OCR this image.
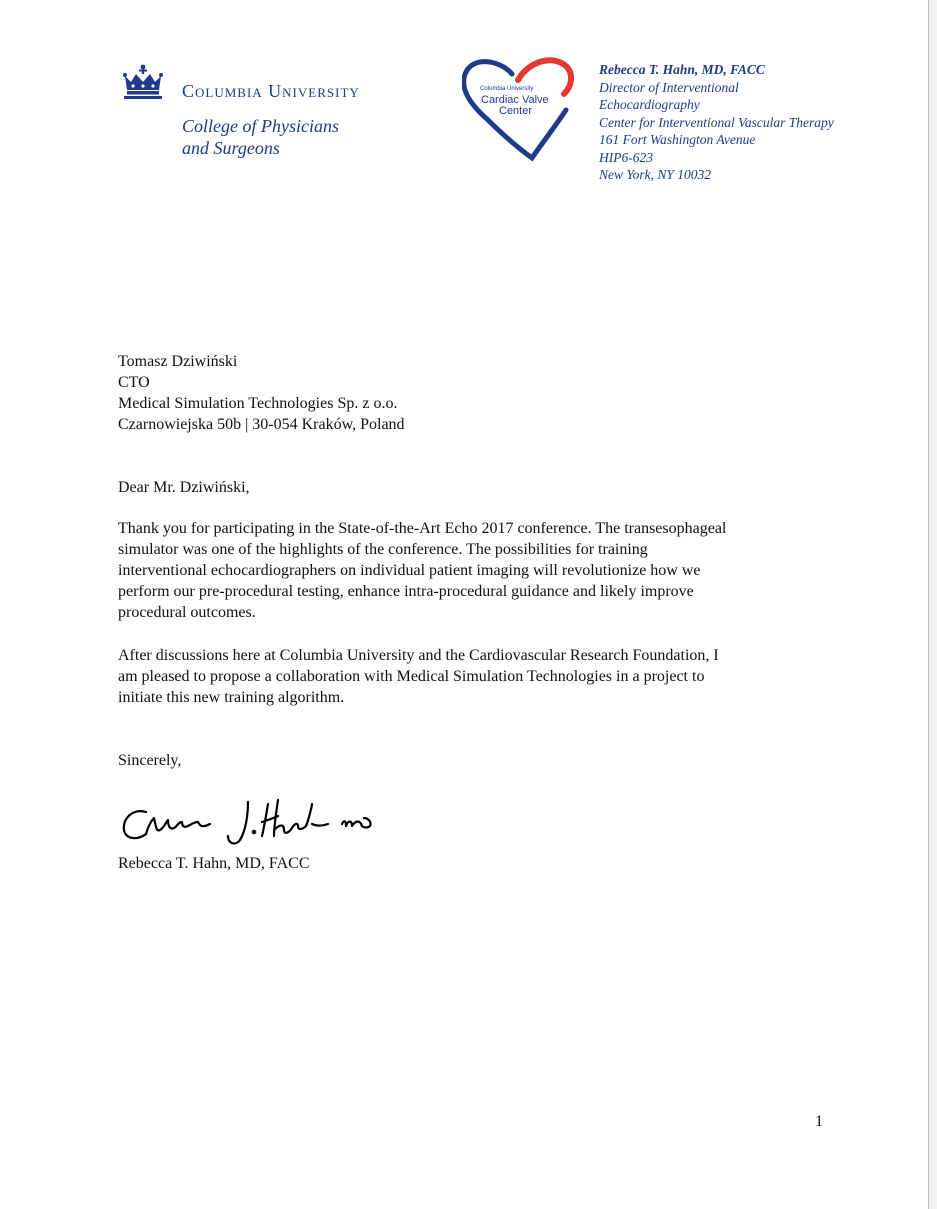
Columbia University
College of Physicians
and Surgeons
Columbia University
Cardiac Valve
Center
Rebecca T. Hahn, MD, FACC
Director of Interventional
Echocardiography
Center for Interventional Vascular Therapy
161 Fort Washington Avenue
HIP6-623
New York, NY 10032
Tomasz Dziwiński
CTO
Medical Simulation Technologies Sp. z o.o.
Czarnowiejska 50b | 30-054 Kraków, Poland
Dear Mr. Dziwiński,
Thank you for participating in the State-of-the-Art Echo 2017 conference. The transesophageal
simulator was one of the highlights of the conference. The possibilities for training
interventional echocardiographers on individual patient imaging will revolutionize how we
perform our pre-procedural testing, enhance intra-procedural guidance and likely improve
procedural outcomes.
After discussions here at Columbia University and the Cardiovascular Research Foundation, I
am pleased to propose a collaboration with Medical Simulation Technologies in a project to
initiate this new training algorithm.
Sincerely,
Rebecca T. Hahn, MD, FACC
1
